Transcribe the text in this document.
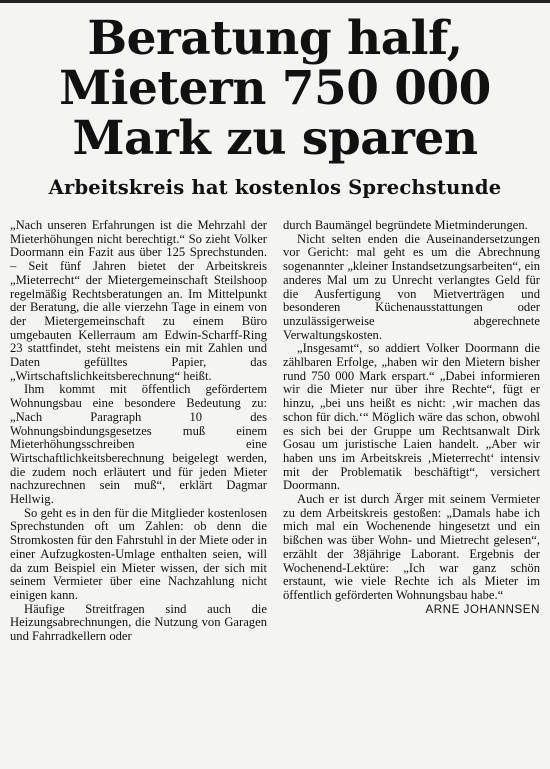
Beratung half,
Mietern 750 000
Mark zu sparen
Arbeitskreis hat kostenlos Sprechstunde

„Nach unseren Erfahrungen ist die Mehrzahl der Mieterhöhungen nicht berechtigt.“ So zieht Volker Doormann ein Fazit aus über 125 Sprechstunden. – Seit fünf Jahren bietet der Arbeitskreis „Mieterrecht“ der Mietergemeinschaft Steilshoop regelmäßig Rechtsberatungen an. Im Mittelpunkt der Beratung, die alle vierzehn Tage in einem von der Mietergemeinschaft zu einem Büro umgebauten Kellerraum am Edwin-Scharff-Ring 23 stattfindet, steht meistens ein mit Zahlen und Daten gefülltes Papier, das „Wirtschaftslichkeitsberechnung“ heißt.

Ihm kommt mit öffentlich gefördertem Wohnungsbau eine besondere Bedeutung zu: „Nach Paragraph 10 des Wohnungsbindungsgesetzes muß einem Mieterhöhungsschreiben eine Wirtschaftlichkeitsberechnung beigelegt werden, die zudem noch erläutert und für jeden Mieter nachzurechnen sein muß“, erklärt Dagmar Hellwig.

So geht es in den für die Mitglieder kostenlosen Sprechstunden oft um Zahlen: ob denn die Stromkosten für den Fahrstuhl in der Miete oder in einer Aufzugkosten-Umlage enthalten seien, will da zum Beispiel ein Mieter wissen, der sich mit seinem Vermieter über eine Nachzahlung nicht einigen kann.

Häufige Streitfragen sind auch die Heizungsabrechnungen, die Nutzung von Garagen und Fahrradkellern oder

durch Baumängel begründete Mietminderungen.

Nicht selten enden die Auseinandersetzungen vor Gericht: mal geht es um die Abrechnung sogenannter „kleiner Instandsetzungsarbeiten“, ein anderes Mal um zu Unrecht verlangtes Geld für die Ausfertigung von Mietverträgen und besonderen Küchenausstattungen oder unzulässigerweise abgerechnete Verwaltungskosten.

„Insgesamt“, so addiert Volker Doormann die zählbaren Erfolge, „haben wir den Mietern bisher rund 750 000 Mark erspart.“ „Dabei informieren wir die Mieter nur über ihre Rechte“, fügt er hinzu, „bei uns heißt es nicht: ‚wir machen das schon für dich.‘“ Möglich wäre das schon, obwohl es sich bei der Gruppe um Rechtsanwalt Dirk Gosau um juristische Laien handelt. „Aber wir haben uns im Arbeitskreis ‚Mieterrecht‘ intensiv mit der Problematik beschäftigt“, versichert Doormann.

Auch er ist durch Ärger mit seinem Vermieter zu dem Arbeitskreis gestoßen: „Damals habe ich mich mal ein Wochenende hingesetzt und ein bißchen was über Wohn- und Mietrecht gelesen“, erzählt der 38jährige Laborant. Ergebnis der Wochenend-Lektüre: „Ich war ganz schön erstaunt, wie viele Rechte ich als Mieter im öffentlich geförderten Wohnungsbau habe.“

ARNE JOHANNSEN
